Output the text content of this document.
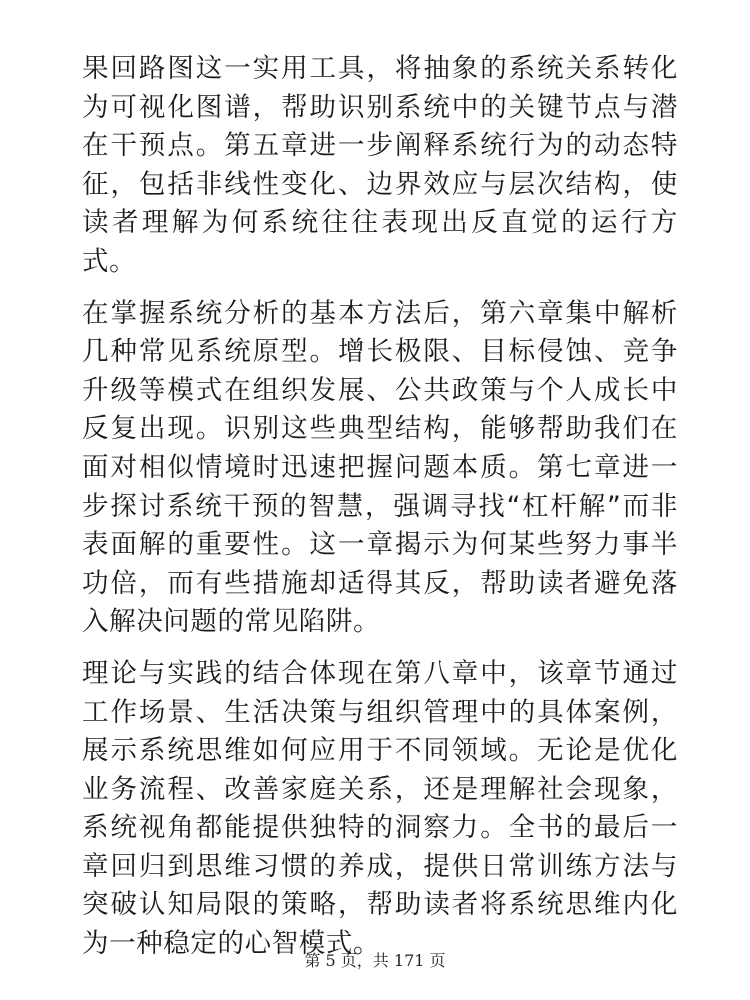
果回路图这一实用工具，将抽象的系统关系转化为可视化图谱，帮助识别系统中的关键节点与潜在干预点。第五章进一步阐释系统行为的动态特征，包括非线性变化、边界效应与层次结构，使读者理解为何系统往往表现出反直觉的运行方式。

在掌握系统分析的基本方法后，第六章集中解析几种常见系统原型。增长极限、目标侵蚀、竞争升级等模式在组织发展、公共政策与个人成长中反复出现。识别这些典型结构，能够帮助我们在面对相似情境时迅速把握问题本质。第七章进一步探讨系统干预的智慧，强调寻找“杠杆解”而非表面解的重要性。这一章揭示为何某些努力事半功倍，而有些措施却适得其反，帮助读者避免落入解决问题的常见陷阱。

理论与实践的结合体现在第八章中，该章节通过工作场景、生活决策与组织管理中的具体案例，展示系统思维如何应用于不同领域。无论是优化业务流程、改善家庭关系，还是理解社会现象，系统视角都能提供独特的洞察力。全书的最后一章回归到思维习惯的养成，提供日常训练方法与突破认知局限的策略，帮助读者将系统思维内化为一种稳定的心智模式。

第 5 页，共 171 页
